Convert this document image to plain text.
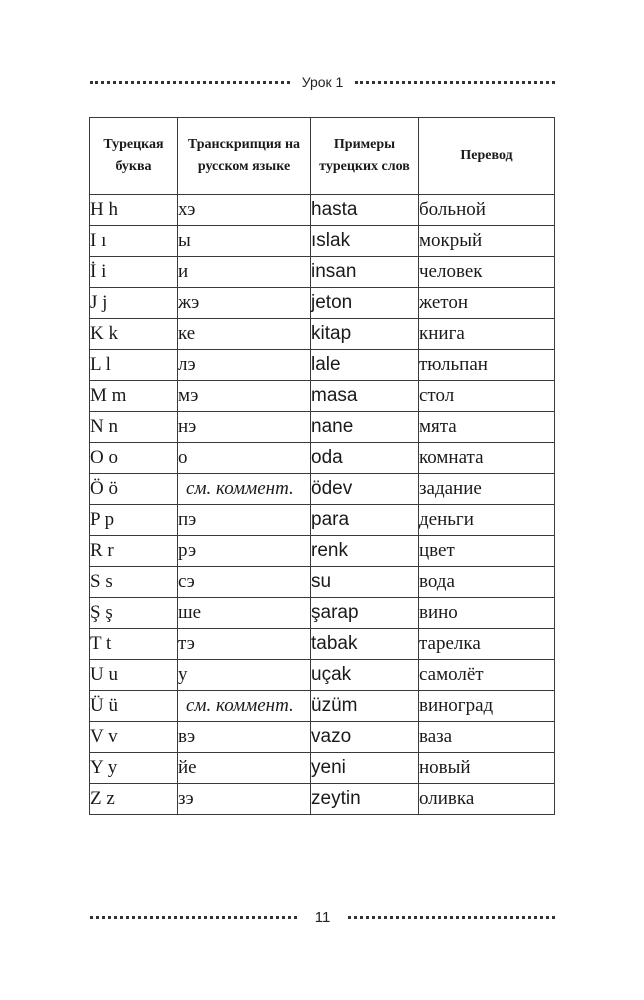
Урок 1
Турецкая буква	Транскрипция на русском языке	Примеры турецких слов	Перевод
H h	хэ	hasta	больной
I ı	ы	ıslak	мокрый
İ i	и	insan	человек
J j	жэ	jeton	жетон
K k	ке	kitap	книга
L l	лэ	lale	тюльпан
M m	мэ	masa	стол
N n	нэ	nane	мята
O o	о	oda	комната
Ö ö	см. коммент.	ödev	задание
P p	пэ	para	деньги
R r	рэ	renk	цвет
S s	сэ	su	вода
Ş ş	ше	şarap	вино
T t	тэ	tabak	тарелка
U u	у	uçak	самолёт
Ü ü	см. коммент.	üzüm	виноград
V v	вэ	vazo	ваза
Y y	йе	yeni	новый
Z z	зэ	zeytin	оливка
11
